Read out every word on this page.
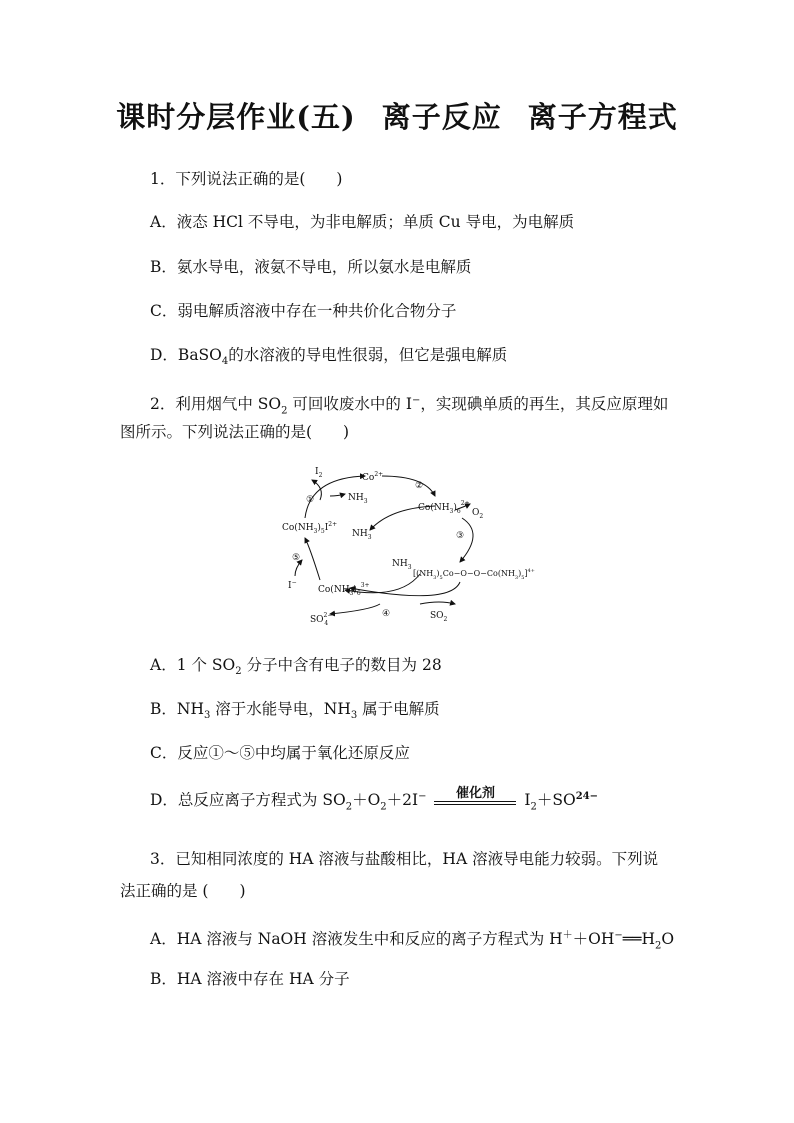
课时分层作业(五) 离子反应 离子方程式
1．下列说法正确的是(　　)
A．液态 HCl 不导电，为非电解质；单质 Cu 导电，为电解质
B．氨水导电，液氨不导电，所以氨水是电解质
C．弱电解质溶液中存在一种共价化合物分子
D．BaSO$_4$的水溶液的导电性很弱，但它是强电解质
2．利用烟气中 $SO_2$ 可回收废水中的 I−，实现碘单质的再生，其反应原理如
图所示。下列说法正确的是(　　)
$I_2$	$Co^{2+}$
①	$NH_3$
②
$Co(NH_3)_6^{2+}$
$O_2$
$Co(NH_3)_5I^{2+}$
$NH_3$	③
⑤
$NH_3$
$[(NH_3)_5Co-O-O-Co(NH_3)_5]^{4+}$
I−
$Co(NH_3)_6^{3+}$
④
$SO^{2-}$ 4
$SO_2$
A．1 个 $SO_2$ 分子中含有电子的数目为 28
B．$NH_3$ 溶于水能导电，$NH_3$ 属于电解质
C．反应①～⑤中均属于氧化还原反应
D．总反应离子方程式为 $SO_2+O_2+2I^-$ 催化剂 $I_2+SO^{24-}$
3．已知相同浓度的 HA 溶液与盐酸相比，HA 溶液导电能力较弱。下列说
法正确的是 (　　)
A．HA 溶液与 NaOH 溶液发生中和反应的离子方程式为 $H^++OH^-══H_2O$
B．HA 溶液中存在 HA 分子
